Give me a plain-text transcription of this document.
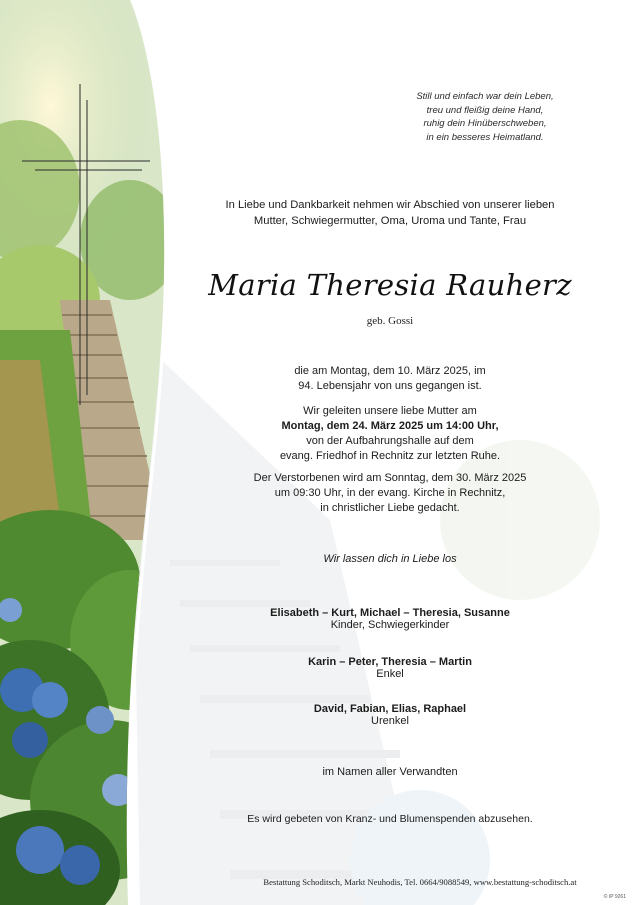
Still und einfach war dein Leben,
treu und fleißig deine Hand,
ruhig dein Hinüberschweben,
in ein besseres Heimatland.
In Liebe und Dankbarkeit nehmen wir Abschied von unserer lieben
Mutter, Schwiegermutter, Oma, Uroma und Tante, Frau
Maria Theresia Rauherz
geb. Gossi
die am Montag, dem 10. März 2025, im
94. Lebensjahr von uns gegangen ist.
Wir geleiten unsere liebe Mutter am
Montag, dem 24. März 2025 um 14:00 Uhr,
von der Aufbahrungshalle auf dem
evang. Friedhof in Rechnitz zur letzten Ruhe.
Der Verstorbenen wird am Sonntag, dem 30. März 2025
um 09:30 Uhr, in der evang. Kirche in Rechnitz,
in christlicher Liebe gedacht.
Wir lassen dich in Liebe los
Elisabeth – Kurt, Michael – Theresia, Susanne
Kinder, Schwiegerkinder
Karin – Peter, Theresia – Martin
Enkel
David, Fabian, Elias, Raphael
Urenkel
im Namen aller Verwandten
Es wird gebeten von Kranz- und Blumenspenden abzusehen.
Bestattung Schoditsch, Markt Neuhodis, Tel. 0664/9088549, www.bestattung-schoditsch.at
© IP 9261
